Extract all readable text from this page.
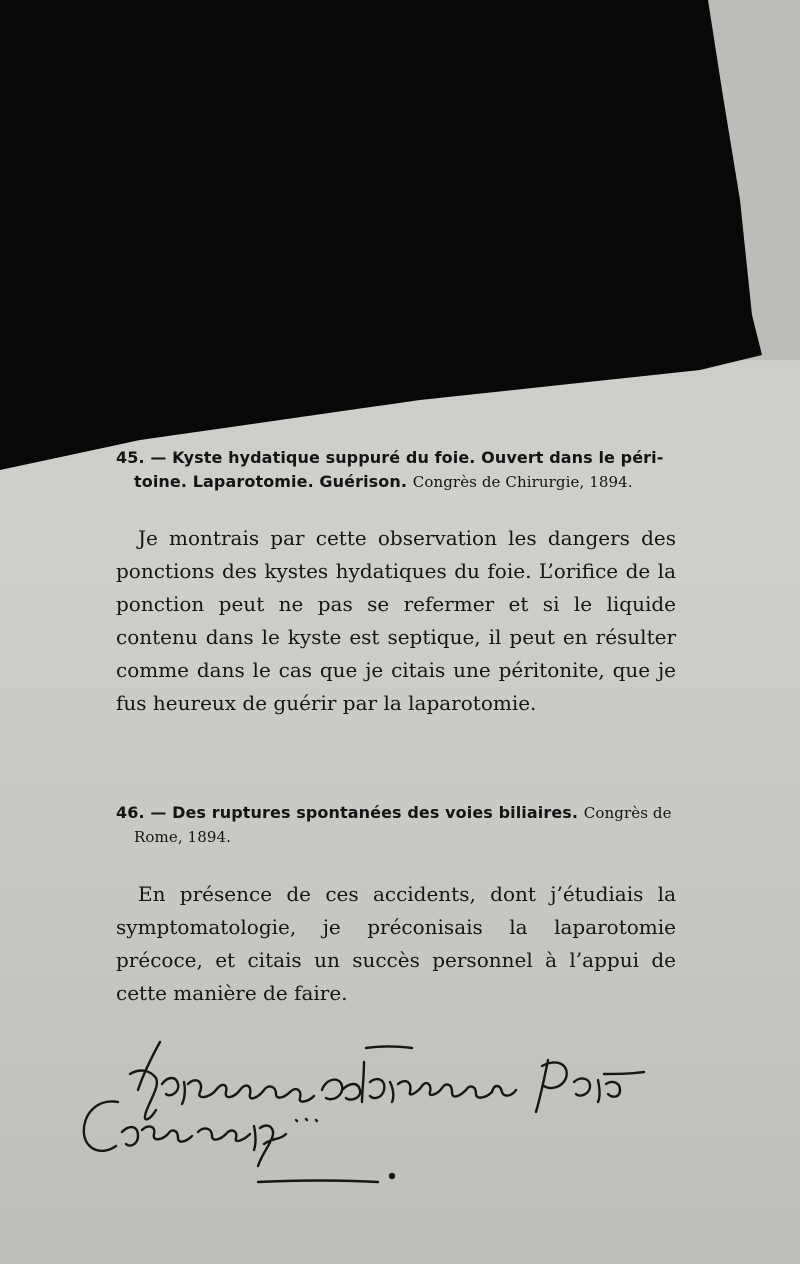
45. — Kyste hydatique suppuré du foie. Ouvert dans le péri-
toine. Laparotomie. Guérison. Congrès de Chirurgie, 1894.
Je montrais par cette observation les dangers des ponctions des kystes hydatiques du foie. L’orifice de la ponction peut ne pas se refermer et si le liquide contenu dans le kyste est septique, il peut en résulter comme dans le cas que je citais une péritonite, que je fus heureux de guérir par la laparotomie.
46. — Des ruptures spontanées des voies biliaires. Congrès de
Rome, 1894.
En présence de ces accidents, dont j’étudiais la symptomatologie, je préconisais la laparotomie précoce, et citais un succès personnel à l’appui de cette manière de faire.
